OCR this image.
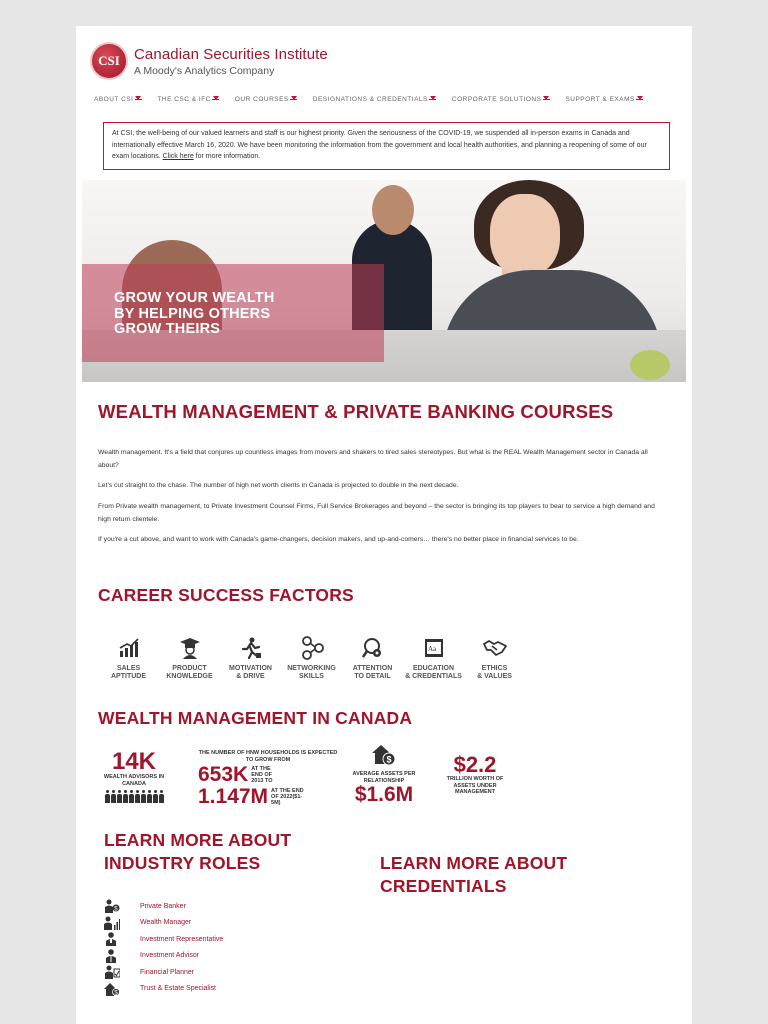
CSI Canadian Securities Institute
A Moody's Analytics Company
ABOUT CSI	THE CSC & IFC	OUR COURSES	DESIGNATIONS & CREDENTIALS	CORPORATE SOLUTIONS	SUPPORT & EXAMS
At CSI, the well-being of our valued learners and staff is our highest priority. Given the seriousness of the COVID-19, we suspended all in-person exams in Canada and internationally effective March 16, 2020. We have been monitoring the information from the government and local health authorities, and planning a reopening of some of our exam locations. Click here for more information.
GROW YOUR WEALTH
BY HELPING OTHERS
GROW THEIRS
WEALTH MANAGEMENT & PRIVATE BANKING COURSES
Wealth management. It's a field that conjures up countless images from movers and shakers to tired sales stereotypes. But what is the REAL Wealth Management sector in Canada all about?
Let's cut straight to the chase. The number of high net worth clients in Canada is projected to double in the next decade.
From Private wealth management, to Private Investment Counsel Firms, Full Service Brokerages and beyond – the sector is bringing its top players to bear to service a high demand and high return clientele.
If you're a cut above, and want to work with Canada's game-changers, decision makers, and up-and-comers… there's no better place in financial services to be.
CAREER SUCCESS FACTORS
SALES
APTITUDE
PRODUCT
KNOWLEDGE
MOTIVATION
& DRIVE
NETWORKING
SKILLS
ATTENTION
TO DETAIL
Aa
EDUCATION
& CREDENTIALS
ETHICS
& VALUES
WEALTH MANAGEMENT IN CANADA
14K
WEALTH ADVISORS IN CANADA
THE NUMBER OF HNW HOUSEHOLDS IS EXPECTED TO GROW FROM
653K AT THE END OF 2013 TO
1.147M AT THE END OF 2022($1-5M)
$
AVERAGE ASSETS PER RELATIONSHIP
$1.6M
$2.2
TRILLION WORTH OF ASSETS UNDER MANAGEMENT
LEARN MORE ABOUT
INDUSTRY ROLES	LEARN MORE ABOUT
CREDENTIALS
$	Private Banker
Wealth Manager
Investment Representative
Investment Advisor
Financial Planner
$
Trust & Estate Specialist
